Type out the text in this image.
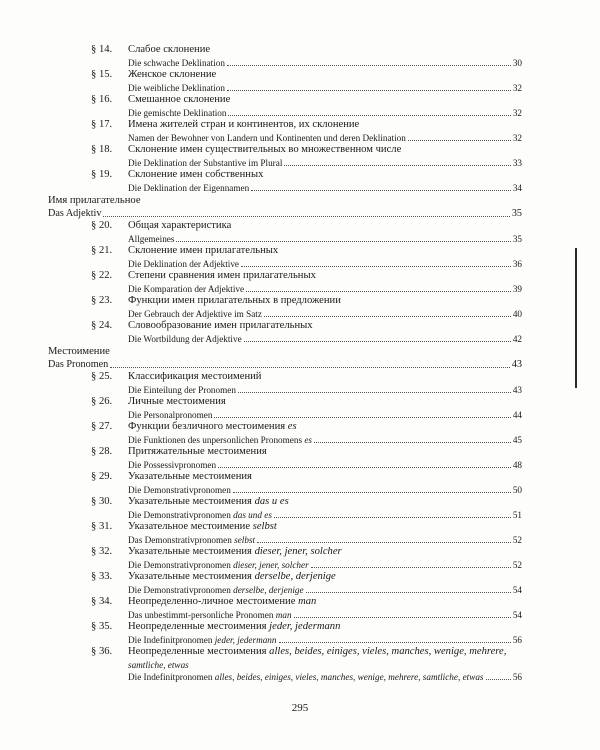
§ 14. Слабое склонение
Die schwache Deklination	30
§ 15. Женское склонение
Die weibliche Deklination	32
§ 16. Смешанное склонение
Die gemischte Deklination	32
§ 17. Имена жителей стран и континентов, их склонение
Namen der Bewohner von Landern und Kontinenten und deren Deklination	32
§ 18. Склонение имен существительных во множественном числе
Die Deklination der Substantive im Plural	33
§ 19. Склонение имен собственных
Die Deklination der Eigennamen	34
Имя прилагательное
Das Adjektiv	35
§ 20. Общая характеристика
Allgemeines	35
§ 21. Склонение имен прилагательных
Die Deklination der Adjektive	36
§ 22. Степени сравнения имен прилагательных
Die Komparation der Adjektive	39
§ 23. Функции имен прилагательных в предложении
Der Gebrauch der Adjektive im Satz	40
§ 24. Словообразование имен прилагательных
Die Wortbildung der Adjektive	42
Местоимение
Das Pronomen	43
§ 25. Классификация местоимений
Die Einteilung der Pronomen	43
§ 26. Личные местоимения
Die Personalpronomen	44
§ 27. Функции безличного местоимения es
Die Funktionen des unpersonlichen Pronomens es	45
§ 28. Притяжательные местоимения
Die Possessivpronomen	48
§ 29. Указательные местоимения
Die Demonstrativpronomen	50
§ 30. Указательные местоимения das и es
Die Demonstrativpronomen das und es	51
§ 31. Указательное местоимение selbst
Das Demonstrativpronomen selbst	52
§ 32. Указательные местоимения dieser, jener, solcher
Die Demonstrativpronomen dieser, jener, solcher	52
§ 33. Указательные местоимения derselbe, derjenige
Die Demonstrativpronomen derselbe, derjenige	54
§ 34. Неопределенно-личное местоимение man
Das unbestimmt-personliche Pronomen man	54
§ 35. Неопределенные местоимения jeder, jedermann
Die Indefinitpronomen jeder, jedermann	56
§ 36. Неопределенные местоимения alles, beides, einiges, vieles, manches, wenige, mehrere,
samtliche, etwas
Die Indefinitpronomen alles, beides, einiges, vieles, manches, wenige, mehrere, samtliche, etwas	56
295
